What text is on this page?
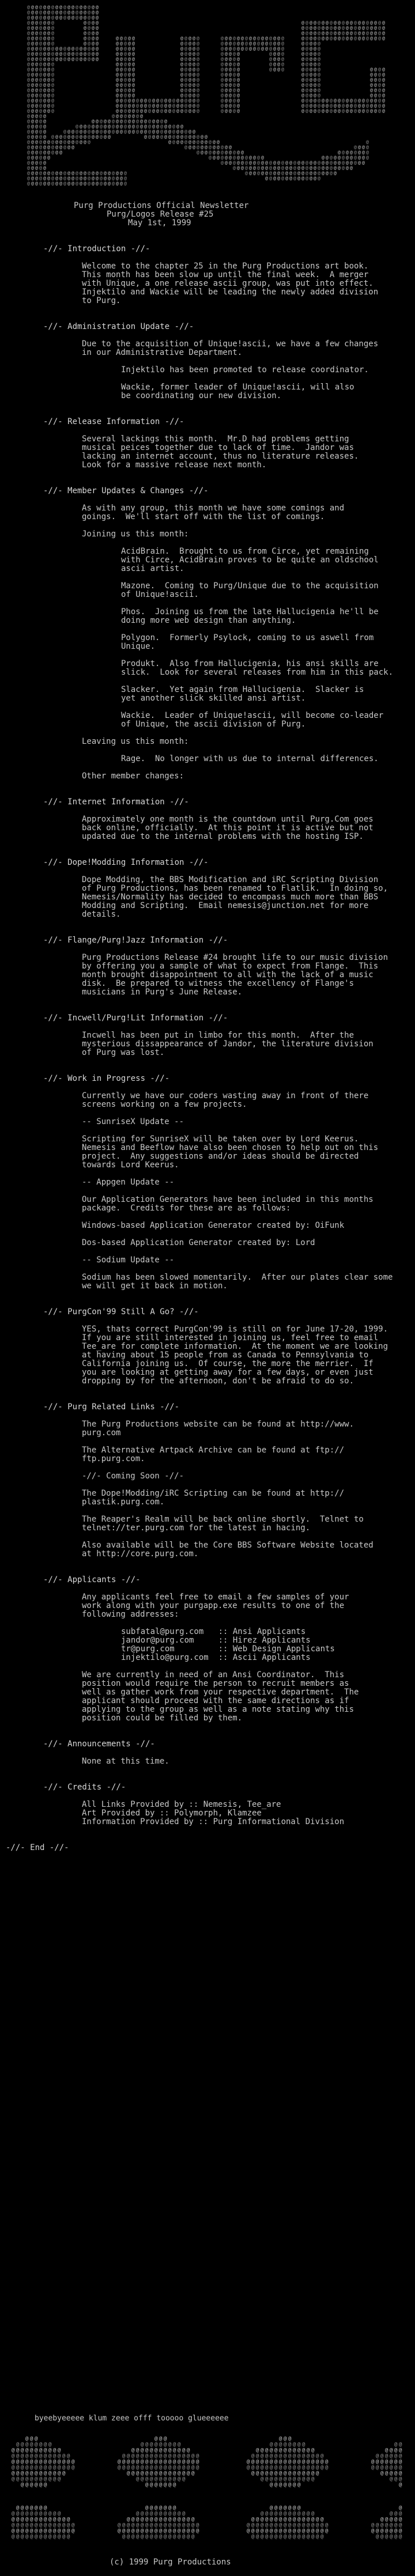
@ @ @ @ @ @ @ @ @ @ @ @ @ @ @ @ @ @
@ @ @ @ @ @ @ @ @ @ @ @ @ @ @ @ @ @
@ @ @ @ @ @ @ @ @ @ @ @ @ @ @ @ @ @
@ @ @ @ @ @ @	@ @ @ @	@ @ @ @ @ @ @ @ @ @ @ @ @ @ @ @ @ @ @ @ @
@ @ @ @ @ @ @	@ @ @ @	@ @ @ @ @ @ @ @ @ @ @ @ @ @ @ @ @ @ @ @ @
@ @ @ @ @ @ @	@ @ @ @	@ @ @ @ @ @ @ @ @ @ @ @ @ @ @ @ @ @ @ @ @
@ @ @ @ @ @ @	@ @ @ @	@ @ @ @ @	@ @ @ @ @	@ @ @ @ @ @ @ @ @ @ @ @ @ @ @ @	@ @ @ @ @ @ @ @ @ @ @ @ @ @ @ @ @ @ @ @ @
@ @ @ @ @ @ @	@ @ @ @	@ @ @ @ @	@ @ @ @ @	@ @ @ @ @ @ @ @ @ @ @ @ @ @ @ @	@ @ @ @ @
@ @ @ @ @ @ @ @ @ @ @ @ @ @ @ @ @ @	@ @ @ @ @	@ @ @ @ @	@ @ @ @ @ @ @ @ @ @ @ @ @ @ @ @	@ @ @ @ @
@ @ @ @ @ @ @ @ @ @ @ @ @ @ @ @ @ @	@ @ @ @ @	@ @ @ @ @	@ @ @ @ @	@ @ @ @	@ @ @ @ @
@ @ @ @ @ @ @ @ @ @ @ @ @ @ @ @ @ @	@ @ @ @ @	@ @ @ @ @	@ @ @ @ @	@ @ @ @	@ @ @ @ @
@ @ @ @ @ @ @	@ @ @ @ @	@ @ @ @ @	@ @ @ @ @	@ @ @ @	@ @ @ @ @
@ @ @ @ @ @ @	@ @ @ @ @	@ @ @ @ @	@ @ @ @ @	@ @ @ @	@ @ @ @ @	@ @ @ @
@ @ @ @ @ @ @	@ @ @ @ @	@ @ @ @ @	@ @ @ @ @	@ @ @ @ @	@ @ @ @
@ @ @ @ @ @ @	@ @ @ @ @	@ @ @ @ @	@ @ @ @ @	@ @ @ @ @	@ @ @ @
@ @ @ @ @ @ @	@ @ @ @ @	@ @ @ @ @	@ @ @ @ @	@ @ @ @ @	@ @ @ @
@ @ @ @ @ @ @	@ @ @ @ @	@ @ @ @ @	@ @ @ @ @	@ @ @ @ @	@ @ @ @
@ @ @ @ @ @ @	@ @ @ @ @	@ @ @ @ @	@ @ @ @ @	@ @ @ @ @	@ @ @ @
@ @ @ @ @ @ @	@ @ @ @ @ @ @ @ @ @ @ @ @ @ @ @ @ @ @ @ @	@ @ @ @ @	@ @ @ @ @ @ @ @ @ @ @ @ @ @ @ @ @ @ @ @ @
@ @ @ @ @ @ @	@ @ @ @ @ @ @ @ @ @ @ @ @ @ @ @ @ @ @ @ @	@ @ @ @ @	@ @ @ @ @ @ @ @ @ @ @ @ @ @ @ @ @ @ @ @ @
@ @ @ @ @ @ @	@ @ @ @ @ @ @ @ @ @ @ @ @ @ @ @ @ @ @ @ @	@ @ @ @ @	@ @ @ @ @ @ @ @ @ @ @ @ @ @ @ @ @ @ @ @ @
@ @ @ @ @	@ @ @ @ @ @ @ @
@ @ @ @ @	@ @ @ @ @ @ @ @ @ @ @ @ @ @ @ @ @ @ @
@ @ @ @ @	@ @ @ @ @ @ @ @ @ @ @ @ @ @ @ @ @ @ @ @ @ @ @ @ @ @ @
@ @ @ @ @	@ @ @ @ @ @ @ @ @ @ @ @ @ @ @ @ @ @ @ @ @ @ @ @ @ @ @ @ @ @ @ @ @
@ @ @ @ @ @ @ @ @ @ @ @ @ @ @ @ @ @ @ @	@ @ @ @ @ @ @ @ @ @ @ @ @ @ @ @
@ @ @ @ @ @ @ @ @ @ @ @ @ @ @ @	@ @ @ @ @ @ @ @ @ @ @ @ @	@
@ @ @ @ @ @ @ @ @ @ @ @	@ @ @ @ @ @ @ @ @ @ @ @	@ @ @ @
@ @ @ @ @ @ @ @ @	@ @ @ @ @ @ @ @ @ @ @ @	@ @ @ @ @ @ @ @
@ @ @ @ @ @	@ @ @ @ @ @ @ @ @ @ @ @ @ @	@ @ @ @ @ @ @ @ @ @ @ @
@ @ @ @ @	@ @ @ @ @ @ @ @ @ @ @ @ @ @ @ @ @ @ @ @ @ @ @ @ @ @ @ @ @ @ @ @ @ @ @ @
@ @ @ @ @	@ @ @ @ @ @ @ @ @ @ @ @ @ @ @ @ @ @ @ @ @ @ @ @ @ @ @ @ @ @
@ @ @ @ @ @ @ @ @ @ @ @ @ @ @ @ @ @ @ @ @ @ @ @ @	@ @ @ @ @ @ @ @ @ @ @ @ @ @ @ @ @ @ @ @ @ @ @
@ @ @ @ @ @ @ @ @ @ @ @ @ @ @ @ @ @ @ @ @ @ @ @ @	@ @ @ @ @ @ @ @ @ @ @ @ @ @
@ @ @ @ @ @ @ @ @ @ @ @ @ @ @ @ @ @ @ @ @ @ @ @ @
Purg Productions Official Newsletter
Purg/Logos Release #25
May 1st, 1999
-//- Introduction -//-
Welcome to the chapter 25 in the Purg Productions art book.
This month has been slow up until the final week.  A merger
with Unique, a one release ascii group, was put into effect.
Injektilo and Wackie will be leading the newly added division
to Purg.
-//- Administration Update -//-
Due to the acquisition of Unique!ascii, we have a few changes
in our Administrative Department.
Injektilo has been promoted to release coordinator.
Wackie, former leader of Unique!ascii, will also
be coordinating our new division.
-//- Release Information -//-
Several lackings this month.  Mr.D had problems getting
musical peices together due to lack of time.  Jandor was
lacking an internet account, thus no literature releases.
Look for a massive release next month.
-//- Member Updates & Changes -//-
As with any group, this month we have some comings and
goings.  We'll start off with the list of comings.
Joining us this month:
AcidBrain.  Brought to us from Circe, yet remaining
with Circe, AcidBrain proves to be quite an oldschool
ascii artist.
Mazone.  Coming to Purg/Unique due to the acquisition
of Unique!ascii.
Phos.  Joining us from the late Hallucigenia he'll be
doing more web design than anything.
Polygon.  Formerly Psylock, coming to us aswell from
Unique.
Produkt.  Also from Hallucigenia, his ansi skills are
slick.  Look for several releases from him in this pack.
Slacker.  Yet again from Hallucigenia.  Slacker is
yet another slick skilled ansi artist.
Wackie.  Leader of Unique!ascii, will become co-leader
of Unique, the ascii division of Purg.
Leaving us this month:
Rage.  No longer with us due to internal differences.
Other member changes:
-//- Internet Information -//-
Approximately one month is the countdown until Purg.Com goes
back online, officially.  At this point it is active but not
updated due to the internal problems with the hosting ISP.
-//- Dope!Modding Information -//-
Dope Modding, the BBS Modification and iRC Scripting Division
of Purg Productions, has been renamed to Flatlik.  In doing so,
Nemesis/Normality has decided to encompass much more than BBS
Modding and Scripting.  Email nemesis@junction.net for more
details.
-//- Flange/Purg!Jazz Information -//-
Purg Productions Release #24 brought life to our music division
by offering you a sample of what to expect from Flange.  This
month brought disappointment to all with the lack of a music
disk.  Be prepared to witness the excellency of Flange's
musicians in Purg's June Release.
-//- Incwell/Purg!Lit Information -//-
Incwell has been put in limbo for this month.  After the
mysterious dissappearance of Jandor, the literature division
of Purg was lost.
-//- Work in Progress -//-
Currently we have our coders wasting away in front of there
screens working on a few projects.
-- SunriseX Update --
Scripting for SunriseX will be taken over by Lord Keerus.
Nemesis and Beeflow have also been chosen to help out on this
project.  Any suggestions and/or ideas should be directed
towards Lord Keerus.
-- Appgen Update --
Our Application Generators have been included in this months
package.  Credits for these are as follows:
Windows-based Application Generator created by: OiFunk
Dos-based Application Generator created by: Lord
-- Sodium Update --
Sodium has been slowed momentarily.  After our plates clear some
we will get it back in motion.
-//- PurgCon'99 Still A Go? -//-
YES, thats correct PurgCon'99 is still on for June 17-20, 1999.
If you are still interested in joining us, feel free to email
Tee_are for complete information.  At the moment we are looking
at having about 15 people from as Canada to Pennsylvania to
California joining us.  Of course, the more the merrier.  If
you are looking at getting away for a few days, or even just
dropping by for the afternoon, don't be afraid to do so.
-//- Purg Related Links -//-
The Purg Productions website can be found at http://www.
purg.com
The Alternative Artpack Archive can be found at ftp://
ftp.purg.com.
-//- Coming Soon -//-
The Dope!Modding/iRC Scripting can be found at http://
plastik.purg.com.
The Reaper's Realm will be back online shortly.  Telnet to
telnet://ter.purg.com for the latest in hacing.
Also available will be the Core BBS Software Website located
at http://core.purg.com.
-//- Applicants -//-
Any applicants feel free to email a few samples of your
work along with your purgapp.exe results to one of the
following addresses:
subfatal@purg.com   :: Ansi Applicants
jandor@purg.com     :: Hirez Applicants
tr@purg.com         :: Web Design Applicants
injektilo@purg.com  :: Ascii Applicants
We are currently in need of an Ansi Coordinator.  This
position would require the person to recruit members as
well as gather work from your respective department.  The
applicant should proceed with the same directions as if
applying to the group as well as a note stating why this
position could be filled by them.
-//- Announcements -//-
None at this time.
-//- Credits -//-
All Links Provided by :: Nemesis, Tee_are
Art Provided by :: Polymorph, Klamzee
Information Provided by :: Purg Informational Division
-//- End -//-
byeebyeeeee klum zeee offf tooooo glueeeeee
@ @ @	@ @ @	@ @ @
@ @ @ @ @ @ @ @	@ @ @ @ @ @ @ @ @	@ @ @ @ @ @ @ @	@ @
@ @ @ @ @ @ @ @ @ @ @	@ @ @ @ @ @ @ @ @ @ @ @ @	@ @ @ @ @ @ @ @ @ @ @ @ @	@ @ @ @
@ @ @ @ @ @ @ @ @ @ @ @ @	@ @ @ @ @ @ @ @ @ @ @ @ @ @ @ @ @	@ @ @ @ @ @ @ @ @ @ @ @ @ @ @ @	@ @ @ @ @ @
@ @ @ @ @ @ @ @ @ @ @ @ @ @	@ @ @ @ @ @ @ @ @ @ @ @ @ @ @ @ @ @	@ @ @ @ @ @ @ @ @ @ @ @ @ @ @ @ @ @	@ @ @ @ @ @ @
@ @ @ @ @ @ @ @ @ @ @ @ @ @	@ @ @ @ @ @ @ @ @ @ @ @ @ @ @ @ @ @	@ @ @ @ @ @ @ @ @ @ @ @ @ @ @ @ @ @	@ @ @ @ @ @ @
@ @ @ @ @ @ @ @ @ @ @ @	@ @ @ @ @ @ @ @ @ @ @ @ @ @ @	@ @ @ @ @ @ @ @ @ @ @ @ @ @ @	@ @ @ @ @
@ @ @ @ @ @ @ @ @ @ @	@ @ @ @ @ @ @ @ @ @ @	@ @ @ @ @ @ @ @ @ @ @ @	@ @ @
@ @ @ @ @ @	@ @ @ @ @ @ @	@ @ @ @ @ @ @	@
@ @ @ @ @ @ @	@ @ @ @ @ @ @	@ @ @ @ @ @ @	@
@ @ @ @ @ @ @ @ @ @ @	@ @ @ @ @ @ @ @ @ @ @	@ @ @ @ @ @ @ @ @ @ @ @	@ @ @
@ @ @ @ @ @ @ @ @ @ @ @ @	@ @ @ @ @ @ @ @ @ @ @ @ @ @ @	@ @ @ @ @ @ @ @ @ @ @ @ @ @ @ @	@ @ @ @ @
@ @ @ @ @ @ @ @ @ @ @ @ @ @	@ @ @ @ @ @ @ @ @ @ @ @ @ @ @ @ @ @	@ @ @ @ @ @ @ @ @ @ @ @ @ @ @ @ @ @	@ @ @ @ @ @ @
@ @ @ @ @ @ @ @ @ @ @ @ @ @	@ @ @ @ @ @ @ @ @ @ @ @ @ @ @ @ @ @	@ @ @ @ @ @ @ @ @ @ @ @ @ @ @ @ @ @	@ @ @ @ @ @ @
@ @ @ @ @ @ @ @ @ @ @ @ @	@ @ @ @ @ @ @ @ @ @ @ @ @ @ @ @	@ @ @ @ @ @ @ @ @ @ @ @ @ @ @ @	@ @ @ @ @ @
(c) 1999 Purg Productions
